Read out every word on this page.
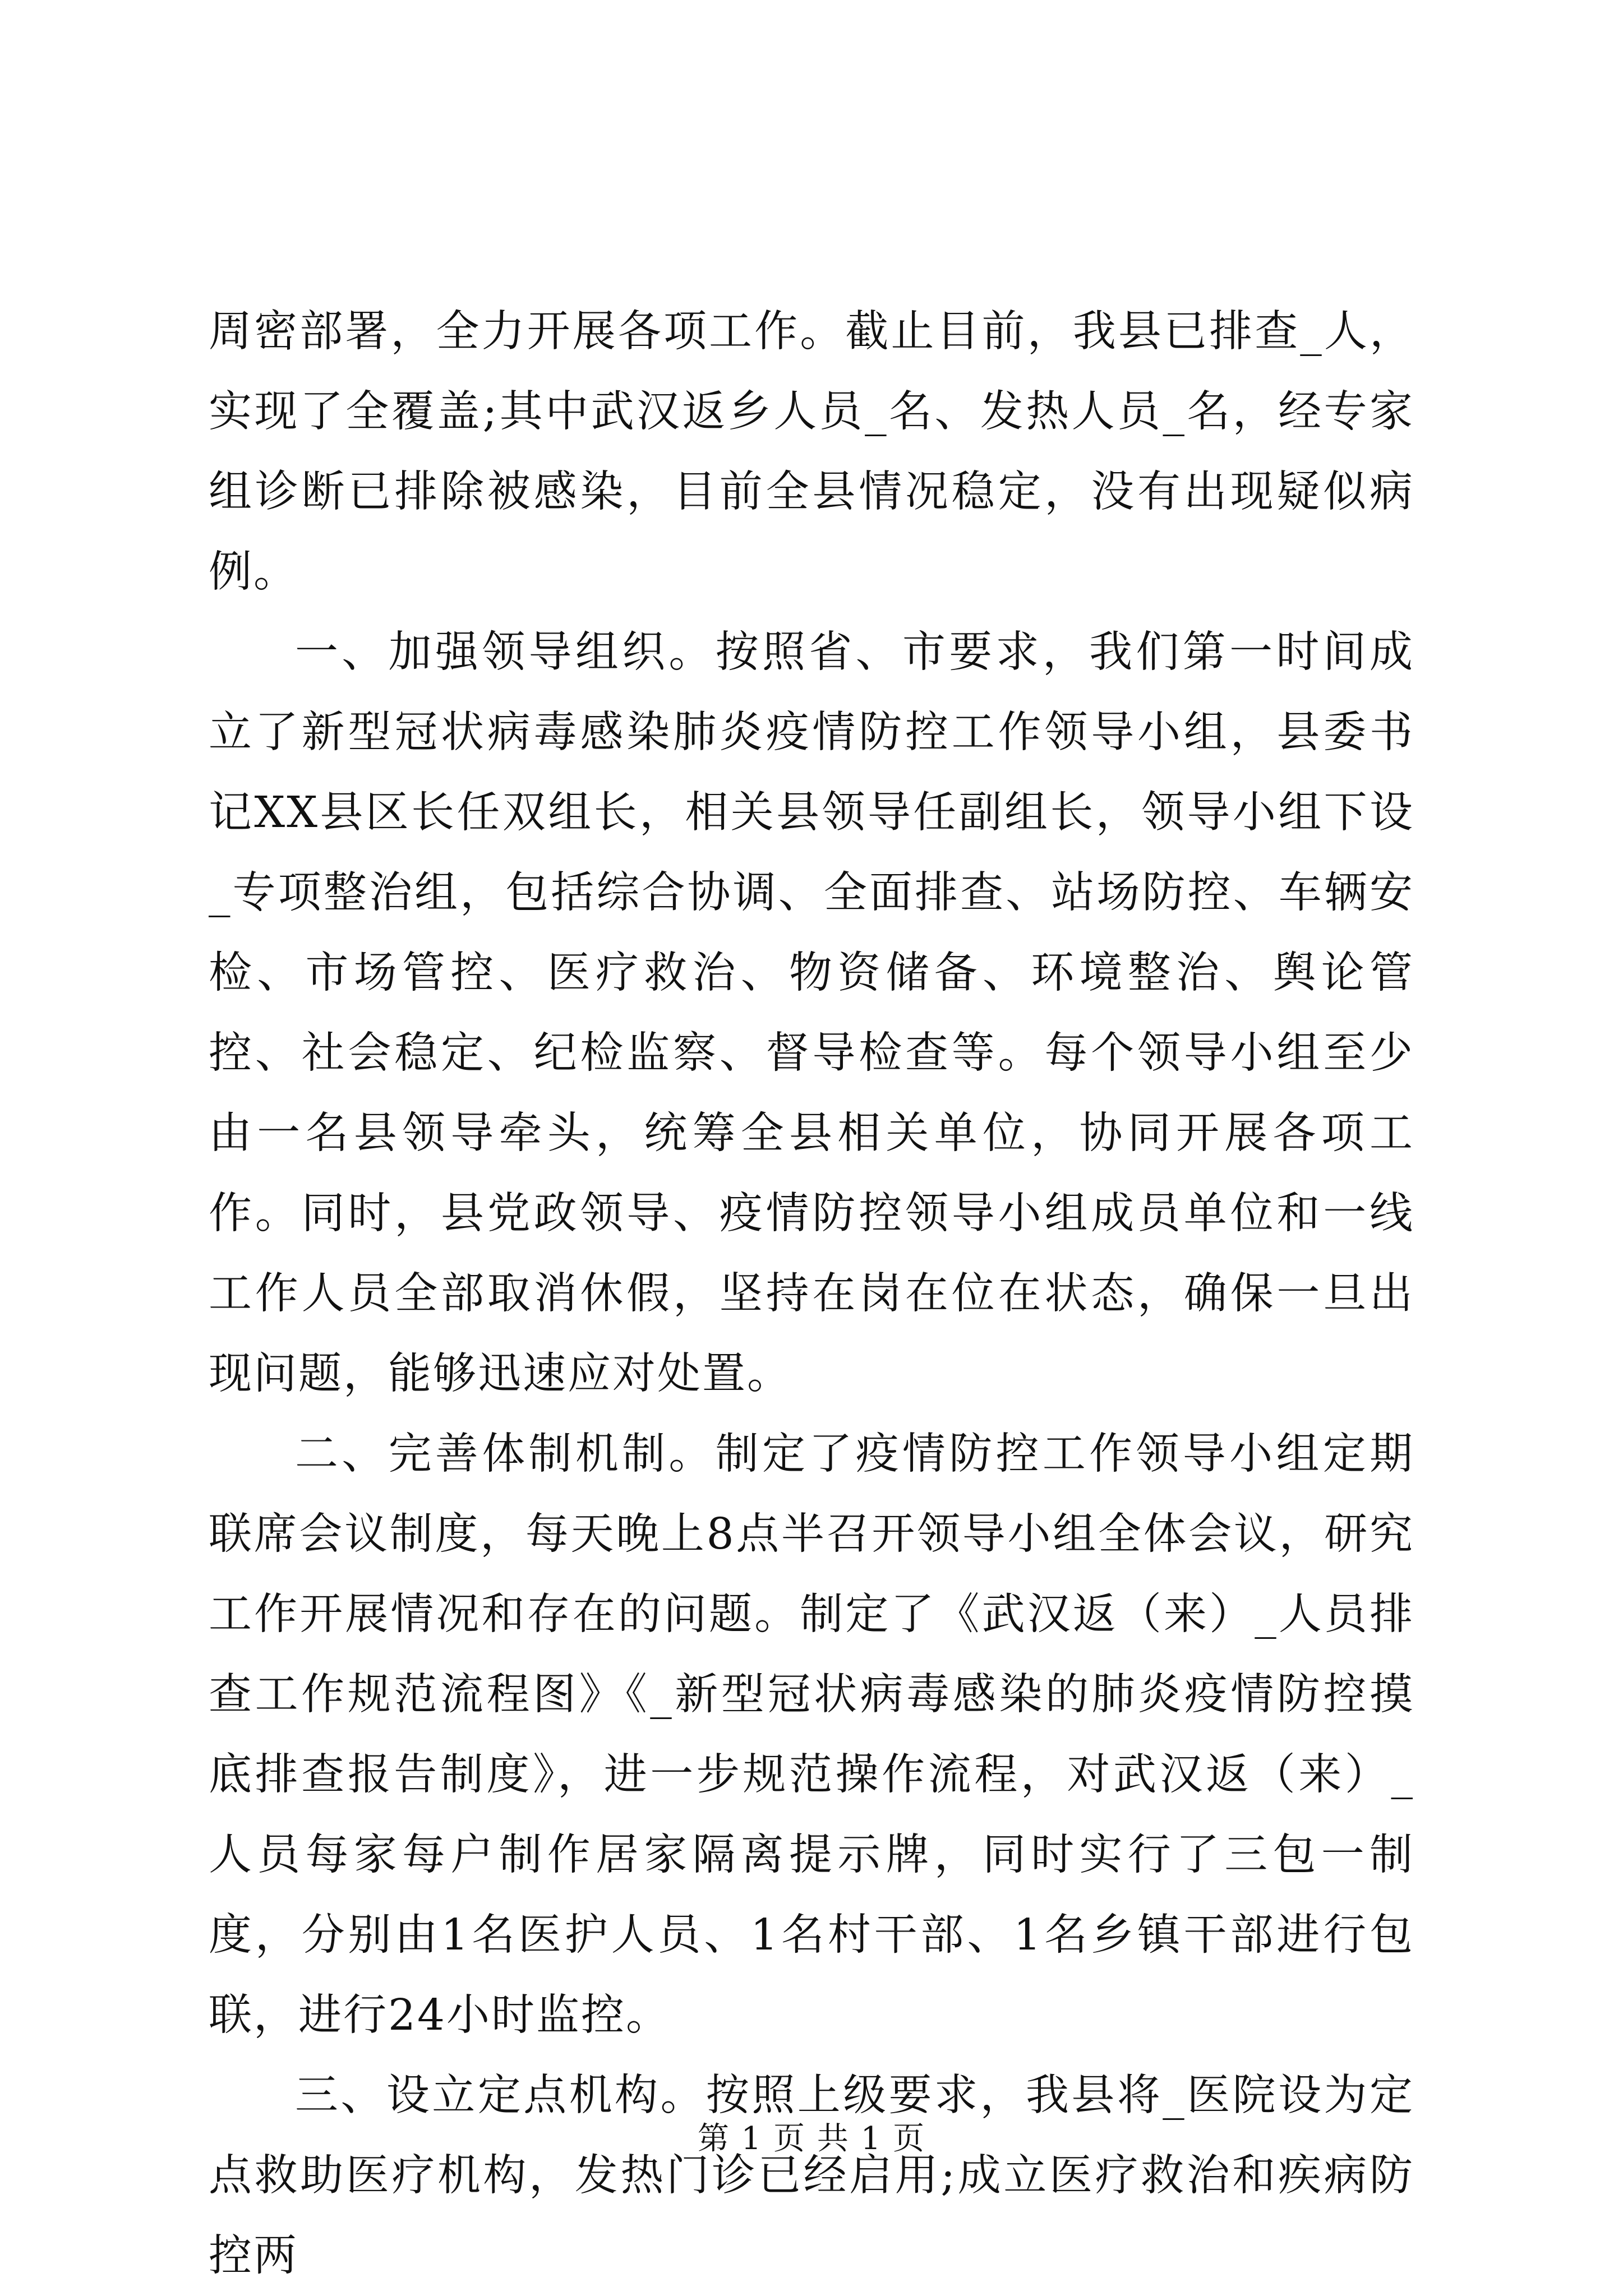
周密部署，全力开展各项工作。截止目前，我县已排查_人，实现了全覆盖;其中武汉返乡人员_名、发热人员_名，经专家组诊断已排除被感染，目前全县情况稳定，没有出现疑似病例。

一、加强领导组织。按照省、市要求，我们第一时间成立了新型冠状病毒感染肺炎疫情防控工作领导小组，县委书记XX县区长任双组长，相关县领导任副组长，领导小组下设_专项整治组，包括综合协调、全面排查、站场防控、车辆安检、市场管控、医疗救治、物资储备、环境整治、舆论管控、社会稳定、纪检监察、督导检查等。每个领导小组至少由一名县领导牵头，统筹全县相关单位，协同开展各项工作。同时，县党政领导、疫情防控领导小组成员单位和一线工作人员全部取消休假，坚持在岗在位在状态，确保一旦出现问题，能够迅速应对处置。

二、完善体制机制。制定了疫情防控工作领导小组定期联席会议制度，每天晚上8点半召开领导小组全体会议，研究工作开展情况和存在的问题。制定了《武汉返（来）_人员排查工作规范流程图》《_新型冠状病毒感染的肺炎疫情防控摸底排查报告制度》，进一步规范操作流程，对武汉返（来）_人员每家每户制作居家隔离提示牌，同时实行了三包一制度，分别由1名医护人员、1名村干部、1名乡镇干部进行包联，进行24小时监控。

三、设立定点机构。按照上级要求，我县将_医院设为定点救助医疗机构，发热门诊已经启用;成立医疗救治和疾病防控两

第 1 页 共 1 页
